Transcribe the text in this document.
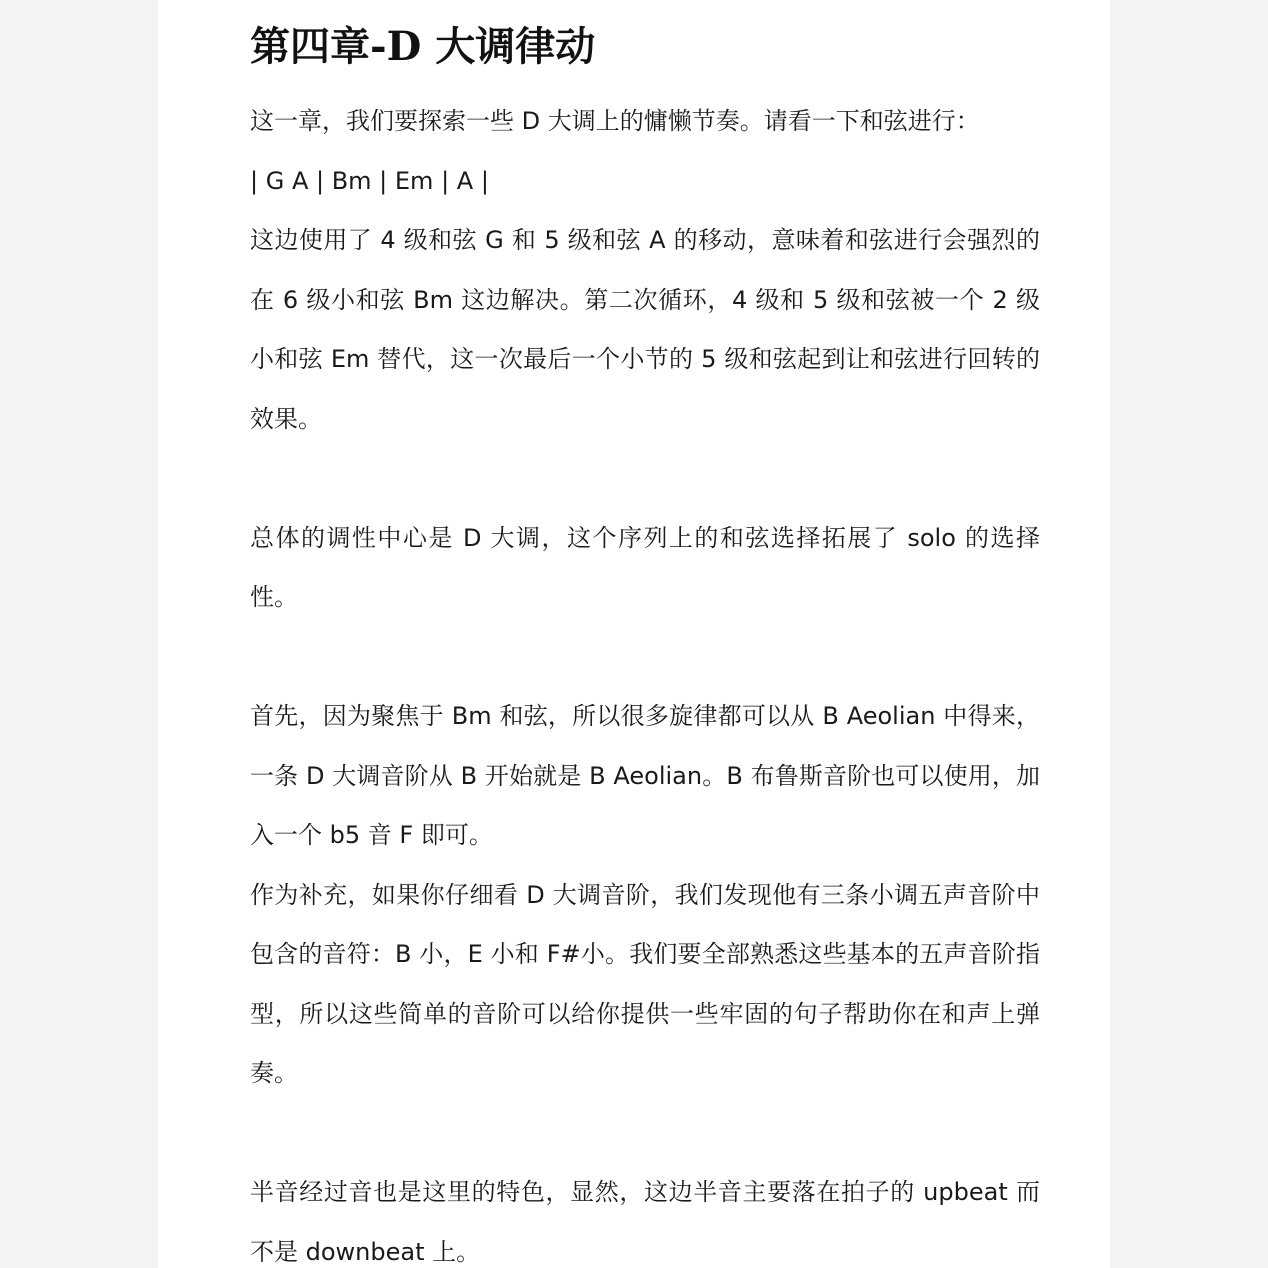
第四章-D 大调律动

这一章，我们要探索一些 D 大调上的慵懒节奏。请看一下和弦进行：

| G A | Bm | Em | A |

这边使用了 4 级和弦 G 和 5 级和弦 A 的移动，意味着和弦进行会强烈的在 6 级小和弦 Bm 这边解决。第二次循环，4 级和 5 级和弦被一个 2 级小和弦 Em 替代，这一次最后一个小节的 5 级和弦起到让和弦进行回转的效果。

总体的调性中心是 D 大调，这个序列上的和弦选择拓展了 solo 的选择性。

首先，因为聚焦于 Bm 和弦，所以很多旋律都可以从 B Aeolian 中得来，一条 D 大调音阶从 B 开始就是 B Aeolian。B 布鲁斯音阶也可以使用，加入一个 b5 音 F 即可。

作为补充，如果你仔细看 D 大调音阶，我们发现他有三条小调五声音阶中包含的音符：B 小，E 小和 F#小。我们要全部熟悉这些基本的五声音阶指型，所以这些简单的音阶可以给你提供一些牢固的句子帮助你在和声上弹奏。

半音经过音也是这里的特色，显然，这边半音主要落在拍子的 upbeat 而不是 downbeat 上。
